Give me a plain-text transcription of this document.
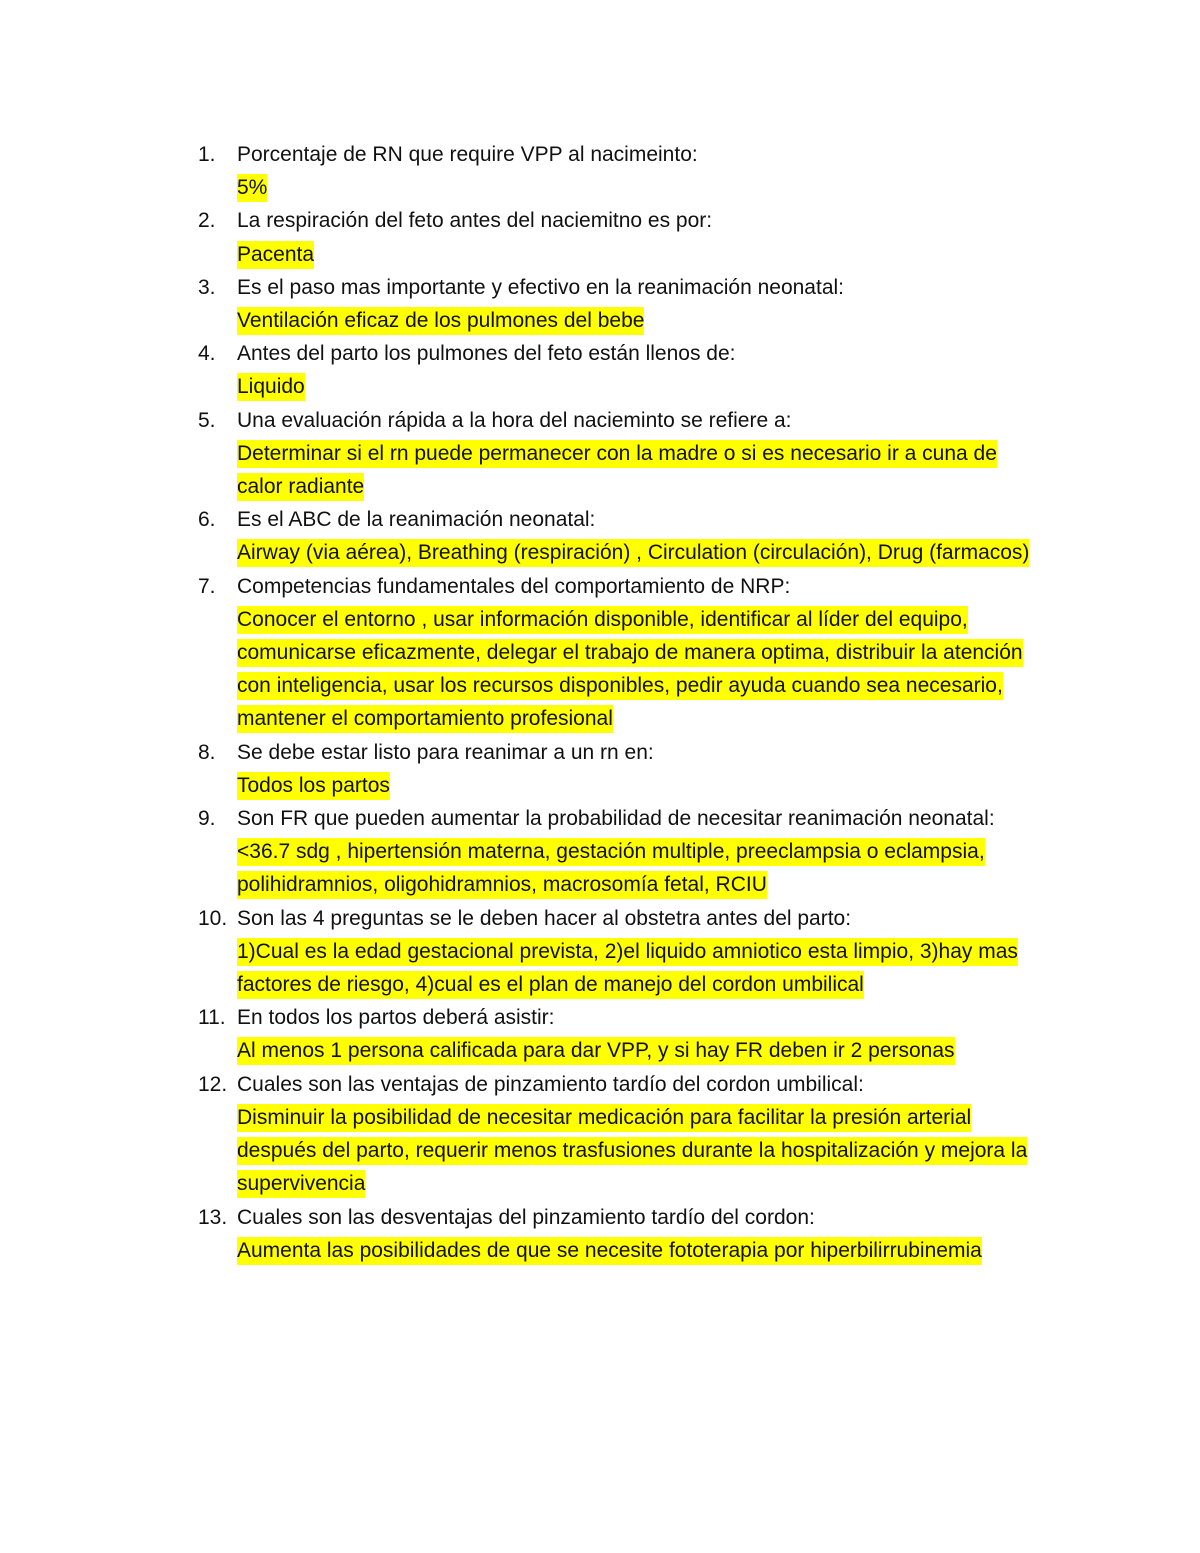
1.	Porcentaje de RN que require VPP al nacimeinto:
5%
2.	La respiración del feto antes del naciemitno es por:
Pacenta
3.	Es el paso mas importante y efectivo en la reanimación neonatal:
Ventilación eficaz de los pulmones del bebe
4.	Antes del parto los pulmones del feto están llenos de:
Liquido
5.	Una evaluación rápida a la hora del nacieminto se refiere a:
Determinar si el rn puede permanecer con la madre o si es necesario ir a cuna de calor radiante
6.	Es el ABC de la reanimación neonatal:
Airway (via aérea), Breathing (respiración) , Circulation (circulación), Drug (farmacos)
7.	Competencias fundamentales del comportamiento de NRP:
Conocer el entorno , usar información disponible, identificar al líder del equipo, comunicarse eficazmente, delegar el trabajo de manera optima, distribuir la atención con inteligencia, usar los recursos disponibles, pedir ayuda cuando sea necesario, mantener el comportamiento profesional
8.	Se debe estar listo para reanimar a un rn en:
Todos los partos
9.	Son FR que pueden aumentar la probabilidad de necesitar reanimación neonatal:
<36.7 sdg , hipertensión materna, gestación multiple, preeclampsia o eclampsia, polihidramnios, oligohidramnios, macrosomía fetal, RCIU
10. Son las 4 preguntas se le deben hacer al obstetra antes del parto:
1)Cual es la edad gestacional prevista, 2)el liquido amniotico esta limpio, 3)hay mas factores de riesgo, 4)cual es el plan de manejo del cordon umbilical
11. En todos los partos deberá asistir:
Al menos 1 persona calificada para dar VPP, y si hay FR deben ir 2 personas
12. Cuales son las ventajas de pinzamiento tardío del cordon umbilical:
Disminuir la posibilidad de necesitar medicación para facilitar la presión arterial después del parto, requerir menos trasfusiones durante la hospitalización y mejora la supervivencia
13. Cuales son las desventajas del pinzamiento tardío del cordon:
Aumenta las posibilidades de que se necesite fototerapia por hiperbilirrubinemia
